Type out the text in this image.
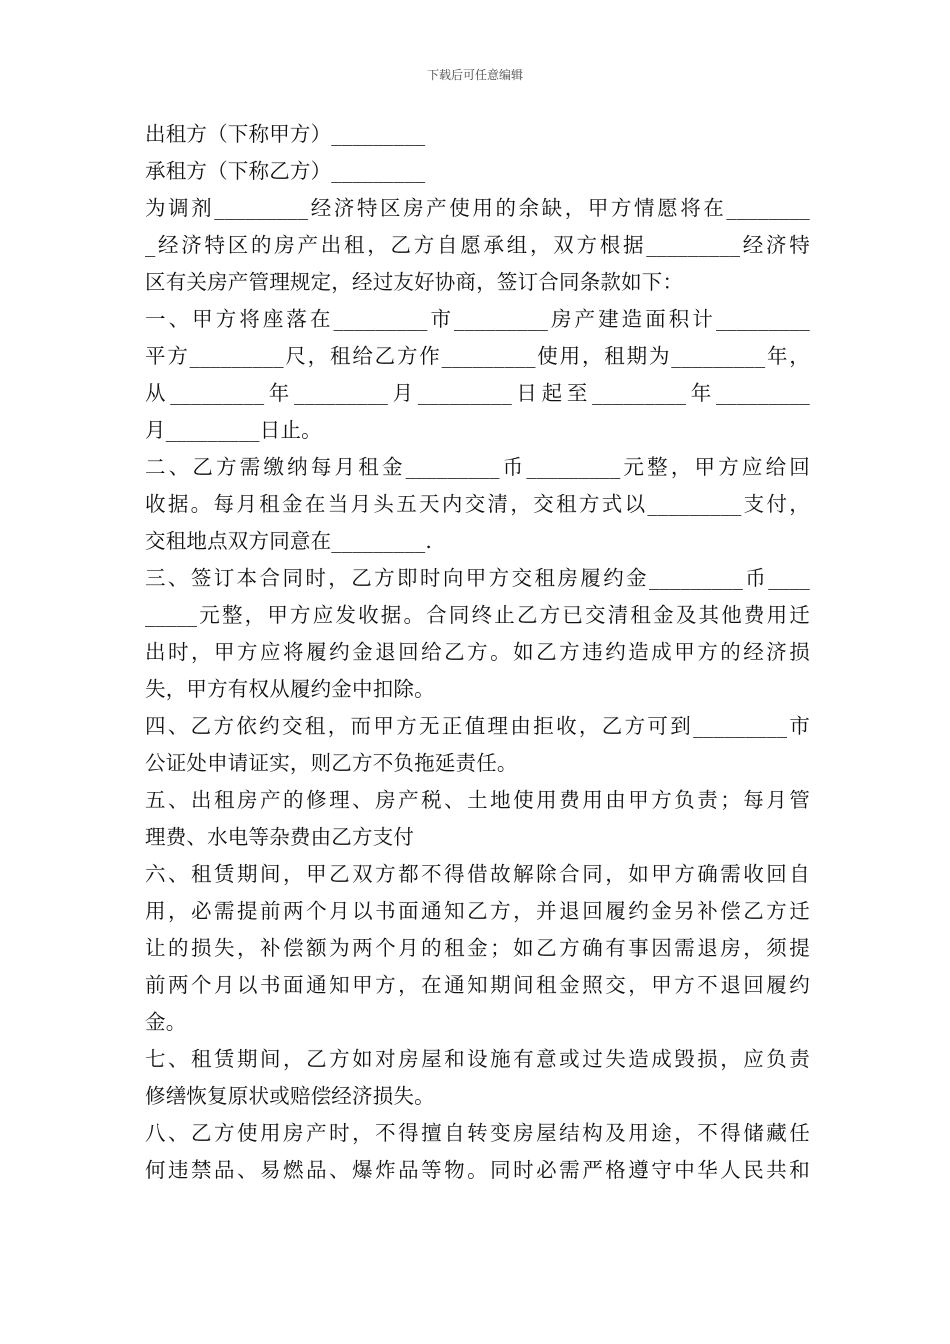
下载后可任意编辑
出租方（下称甲方）_________
承租方（下称乙方）_________
为调剂_________经济特区房产使用的余缺，甲方情愿将在________
_经济特区的房产出租，乙方自愿承组，双方根据_________经济特
区有关房产管理规定，经过友好协商，签订合同条款如下：
一、甲方将座落在_________市_________房产建造面积计_________
平方_________尺，租给乙方作_________使用，租期为_________年，
从_________年_________月_________日起至_________年_________
月_________日止。
二、乙方需缴纳每月租金_________币_________元整，甲方应给回
收据。每月租金在当月头五天内交清，交租方式以_________支付，
交租地点双方同意在_________.
三、签订本合同时，乙方即时向甲方交租房履约金_________币____
_____元整，甲方应发收据。合同终止乙方已交清租金及其他费用迁
出时，甲方应将履约金退回给乙方。如乙方违约造成甲方的经济损
失，甲方有权从履约金中扣除。
四、乙方依约交租，而甲方无正值理由拒收，乙方可到_________市
公证处申请证实，则乙方不负拖延责任。
五、出租房产的修理、房产税、土地使用费用由甲方负责；每月管
理费、水电等杂费由乙方支付
六、租赁期间，甲乙双方都不得借故解除合同，如甲方确需收回自
用，必需提前两个月以书面通知乙方，并退回履约金另补偿乙方迁
让的损失，补偿额为两个月的租金；如乙方确有事因需退房，须提
前两个月以书面通知甲方，在通知期间租金照交，甲方不退回履约
金。
七、租赁期间，乙方如对房屋和设施有意或过失造成毁损，应负责
修缮恢复原状或赔偿经济损失。
八、乙方使用房产时，不得擅自转变房屋结构及用途，不得储藏任
何违禁品、易燃品、爆炸品等物。同时必需严格遵守中华人民共和
